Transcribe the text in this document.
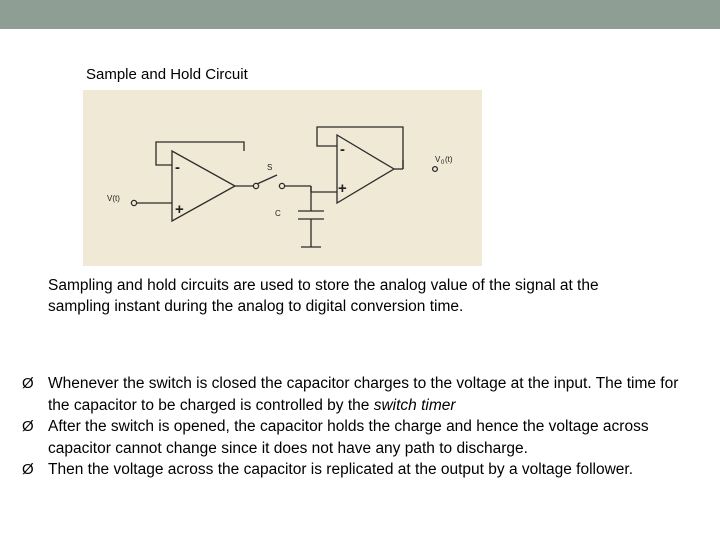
Sample and Hold Circuit
V(t)
-
+
S
C
-
+
V 0 (t)

Sampling and hold circuits are used to store the analog value of the signal at the sampling instant during the analog to digital conversion time.

Ø Whenever the switch is closed the capacitor charges to the voltage at the input. The time for the capacitor to be charged is controlled by the switch timer
Ø After the switch is opened, the capacitor holds the charge and hence the voltage across capacitor cannot change since it does not have any path to discharge.
Ø Then the voltage across the capacitor is replicated at the output by a voltage follower.
